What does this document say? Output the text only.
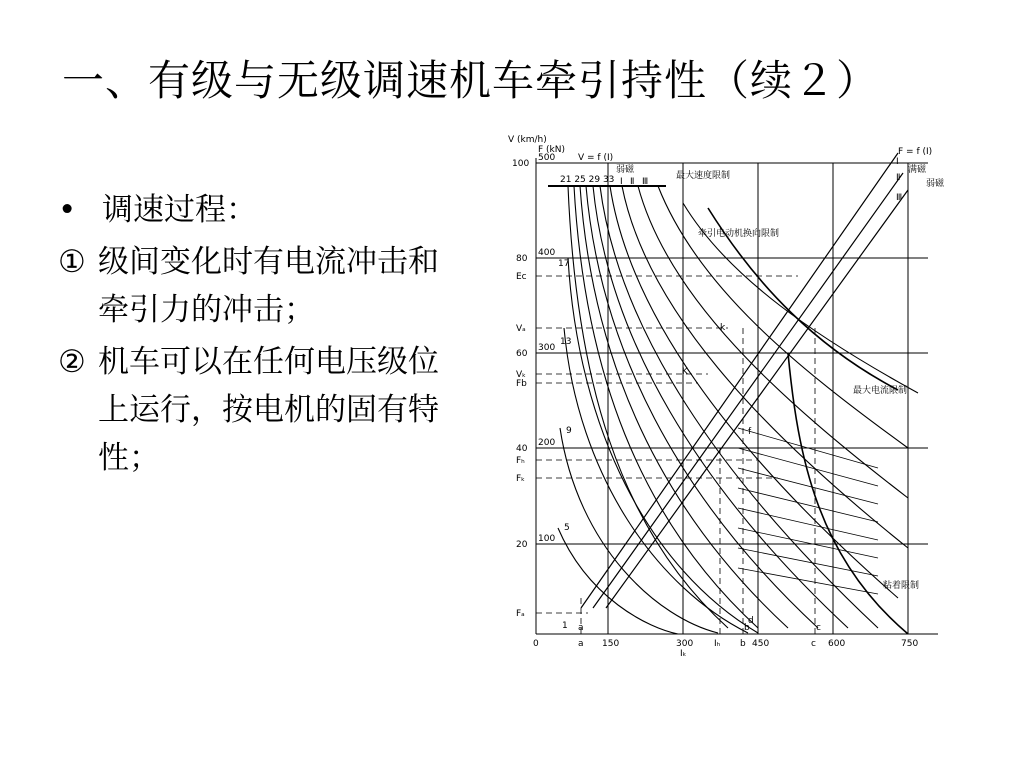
一、有级与无级调速机车牵引持性（续２）
• 调速过程：
① 级间变化时有电流冲击和牵引力的冲击；
② 机车可以在任何电压级位上运行，按电机的固有特性；
V (km/h)
F (kN)
V = f (I)
F = f (I)
100
80
60
40
20
500
400
300
200
100
Ec
Vₐ
Vₖ
Fb
Fₕ
Fₖ
Fₐ
0	a 150	300 Iₕ b 450	c 600	750
Iₖ
弱磁
最大速度限制
牵引电动机换向限制
最大电流限制
粘着限制
满磁
弱磁
Ⅰ Ⅱ Ⅲ
Ⅰ
Ⅱ
Ⅲ
21 25 29 33
17
13
9
5
1 a	b	c
d
f
k
K
